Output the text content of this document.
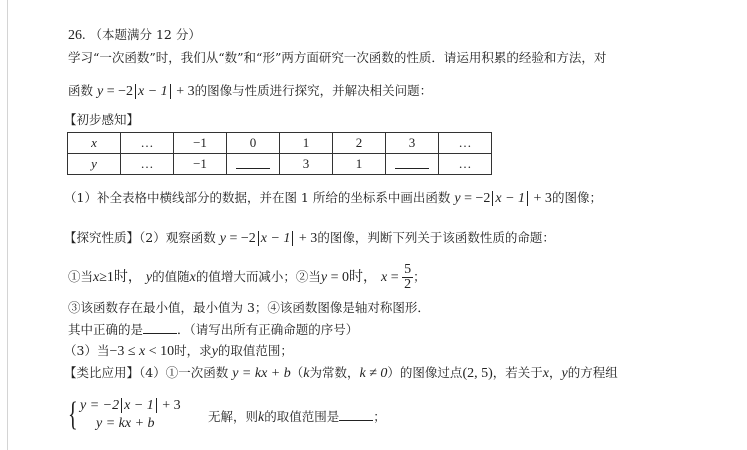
26. （本题满分 12 分）
学习“一次函数”时，我们从“数”和“形”两方面研究一次函数的性质．请运用积累的经验和方法，对
函数 y = −2 x − 1 + 3的图像与性质进行探究，并解决相关问题：
【初步感知】
x	…	−1	0	1	2	3	…
y	…	−1		3	1		…
（1）补全表格中横线部分的数据，并在图 1 所给的坐标系中画出函数 y = −2 x − 1 + 3的图像；
【探究性质】（2）观察函数 y = −2 x − 1 + 3的图像，判断下列关于该函数性质的命题：
①当x≥1时， y的值随x的值增大而减小；②当y = 0时， $x = \frac{5}{2}$ ；
③该函数存在最小值，最小值为 3；④该函数图像是轴对称图形．
其中正确的是	．（请写出所有正确命题的序号）
（3）当−3 ≤ x < 10时，求y的取值范围；
【类比应用】（4）①一次函数 y = kx + b（k为常数，k ≠ 0）的图像过点(2, 5)，若关于x，y的方程组
{ y = −2 x − 1 + 3
y = kx + b	无解，则k的取值范围是	；
